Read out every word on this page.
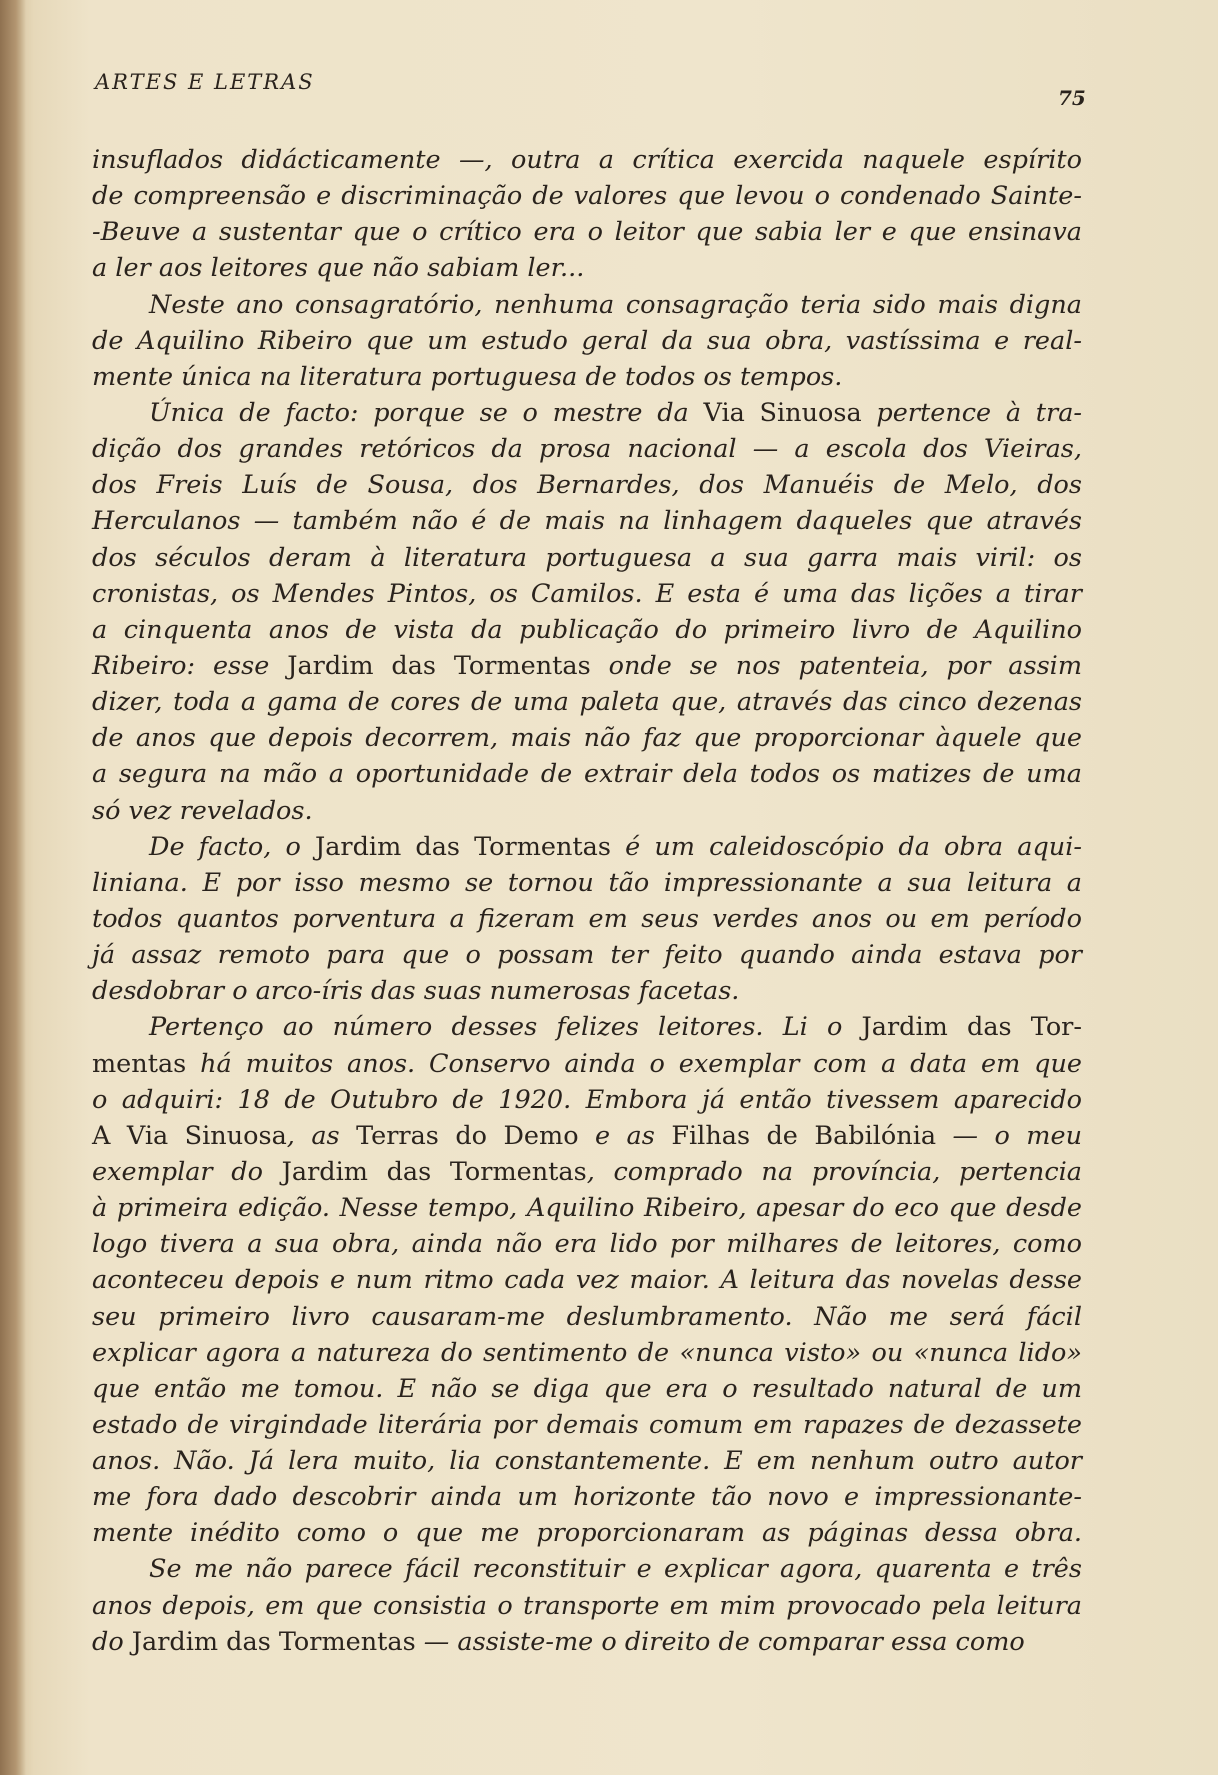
ARTES E LETRAS
75
insuflados didácticamente —, outra a crítica exercida naquele espírito
de compreensão e discriminação de valores que levou o condenado Sainte-
-Beuve a sustentar que o crítico era o leitor que sabia ler e que ensinava
a ler aos leitores que não sabiam ler...
Neste ano consagratório, nenhuma consagração teria sido mais digna
de Aquilino Ribeiro que um estudo geral da sua obra, vastíssima e real-
mente única na literatura portuguesa de todos os tempos.
Única de facto: porque se o mestre da Via Sinuosa pertence à tra-
dição dos grandes retóricos da prosa nacional — a escola dos Vieiras,
dos Freis Luís de Sousa, dos Bernardes, dos Manuéis de Melo, dos
Herculanos — também não é de mais na linhagem daqueles que através
dos séculos deram à literatura portuguesa a sua garra mais viril: os
cronistas, os Mendes Pintos, os Camilos. E esta é uma das lições a tirar
a cinquenta anos de vista da publicação do primeiro livro de Aquilino
Ribeiro: esse Jardim das Tormentas onde se nos patenteia, por assim
dizer, toda a gama de cores de uma paleta que, através das cinco dezenas
de anos que depois decorrem, mais não faz que proporcionar àquele que
a segura na mão a oportunidade de extrair dela todos os matizes de uma
só vez revelados.
De facto, o Jardim das Tormentas é um caleidoscópio da obra aqui-
liniana. E por isso mesmo se tornou tão impressionante a sua leitura a
todos quantos porventura a fizeram em seus verdes anos ou em período
já assaz remoto para que o possam ter feito quando ainda estava por
desdobrar o arco-íris das suas numerosas facetas.
Pertenço ao número desses felizes leitores. Li o Jardim das Tor-
mentas há muitos anos. Conservo ainda o exemplar com a data em que
o adquiri: 18 de Outubro de 1920. Embora já então tivessem aparecido
A Via Sinuosa, as Terras do Demo e as Filhas de Babilónia — o meu
exemplar do Jardim das Tormentas, comprado na província, pertencia
à primeira edição. Nesse tempo, Aquilino Ribeiro, apesar do eco que desde
logo tivera a sua obra, ainda não era lido por milhares de leitores, como
aconteceu depois e num ritmo cada vez maior. A leitura das novelas desse
seu primeiro livro causaram-me deslumbramento. Não me será fácil
explicar agora a natureza do sentimento de «nunca visto» ou «nunca lido»
que então me tomou. E não se diga que era o resultado natural de um
estado de virgindade literária por demais comum em rapazes de dezassete
anos. Não. Já lera muito, lia constantemente. E em nenhum outro autor
me fora dado descobrir ainda um horizonte tão novo e impressionante-
mente inédito como o que me proporcionaram as páginas dessa obra.
Se me não parece fácil reconstituir e explicar agora, quarenta e três
anos depois, em que consistia o transporte em mim provocado pela leitura
do Jardim das Tormentas — assiste-me o direito de comparar essa como
